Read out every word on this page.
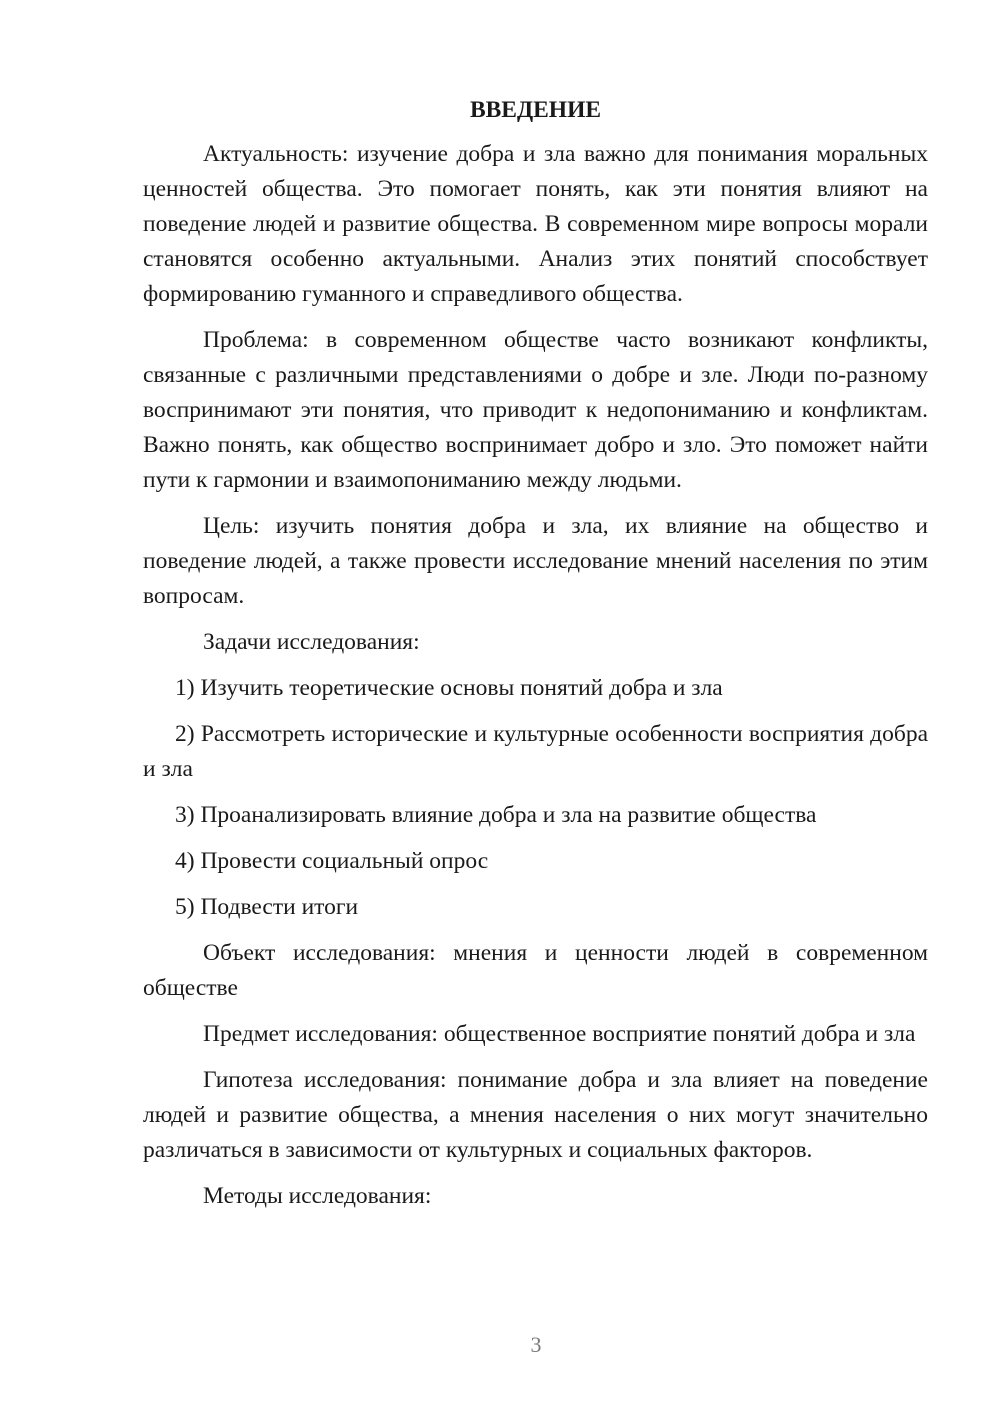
ВВЕДЕНИЕ

Актуальность: изучение добра и зла важно для понимания моральных ценностей общества. Это помогает понять, как эти понятия влияют на поведение людей и развитие общества. В современном мире вопросы морали становятся особенно актуальными. Анализ этих понятий способствует формированию гуманного и справедливого общества.

Проблема: в современном обществе часто возникают конфликты, связанные с различными представлениями о добре и зле. Люди по-разному воспринимают эти понятия, что приводит к недопониманию и конфликтам. Важно понять, как общество воспринимает добро и зло. Это поможет найти пути к гармонии и взаимопониманию между людьми.

Цель: изучить понятия добра и зла, их влияние на общество и поведение людей, а также провести исследование мнений населения по этим вопросам.

Задачи исследования:

1) Изучить теоретические основы понятий добра и зла

2) Рассмотреть исторические и культурные особенности восприятия добра и зла

3) Проанализировать влияние добра и зла на развитие общества

4) Провести социальный опрос

5) Подвести итоги

Объект исследования: мнения и ценности людей в современном обществе

Предмет исследования: общественное восприятие понятий добра и зла

Гипотеза исследования: понимание добра и зла влияет на поведение людей и развитие общества, а мнения населения о них могут значительно различаться в зависимости от культурных и социальных факторов.

Методы исследования:

3
